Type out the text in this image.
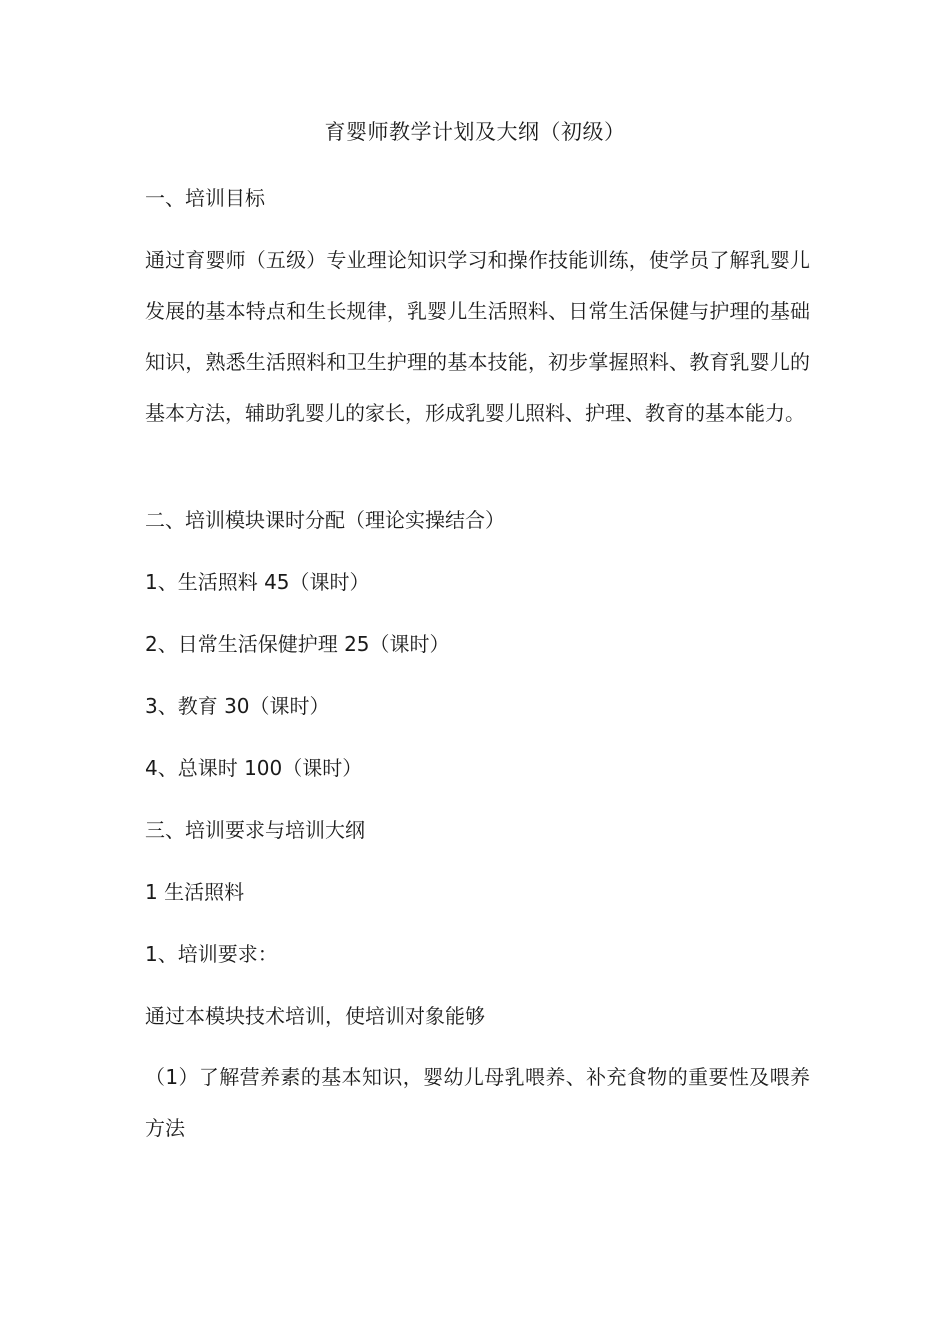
育婴师教学计划及大纲（初级）
一、培训目标
通过育婴师（五级）专业理论知识学习和操作技能训练，使学员了解乳婴儿发展的基本特点和生长规律，乳婴儿生活照料、日常生活保健与护理的基础知识，熟悉生活照料和卫生护理的基本技能，初步掌握照料、教育乳婴儿的基本方法，辅助乳婴儿的家长，形成乳婴儿照料、护理、教育的基本能力。
二、培训模块课时分配（理论实操结合）
1、生活照料 45（课时）
2、日常生活保健护理 25（课时）
3、教育 30（课时）
4、总课时 100（课时）
三、培训要求与培训大纲
1 生活照料
1、培训要求：
通过本模块技术培训，使培训对象能够
（1）了解营养素的基本知识，婴幼儿母乳喂养、补充食物的重要性及喂养方法
